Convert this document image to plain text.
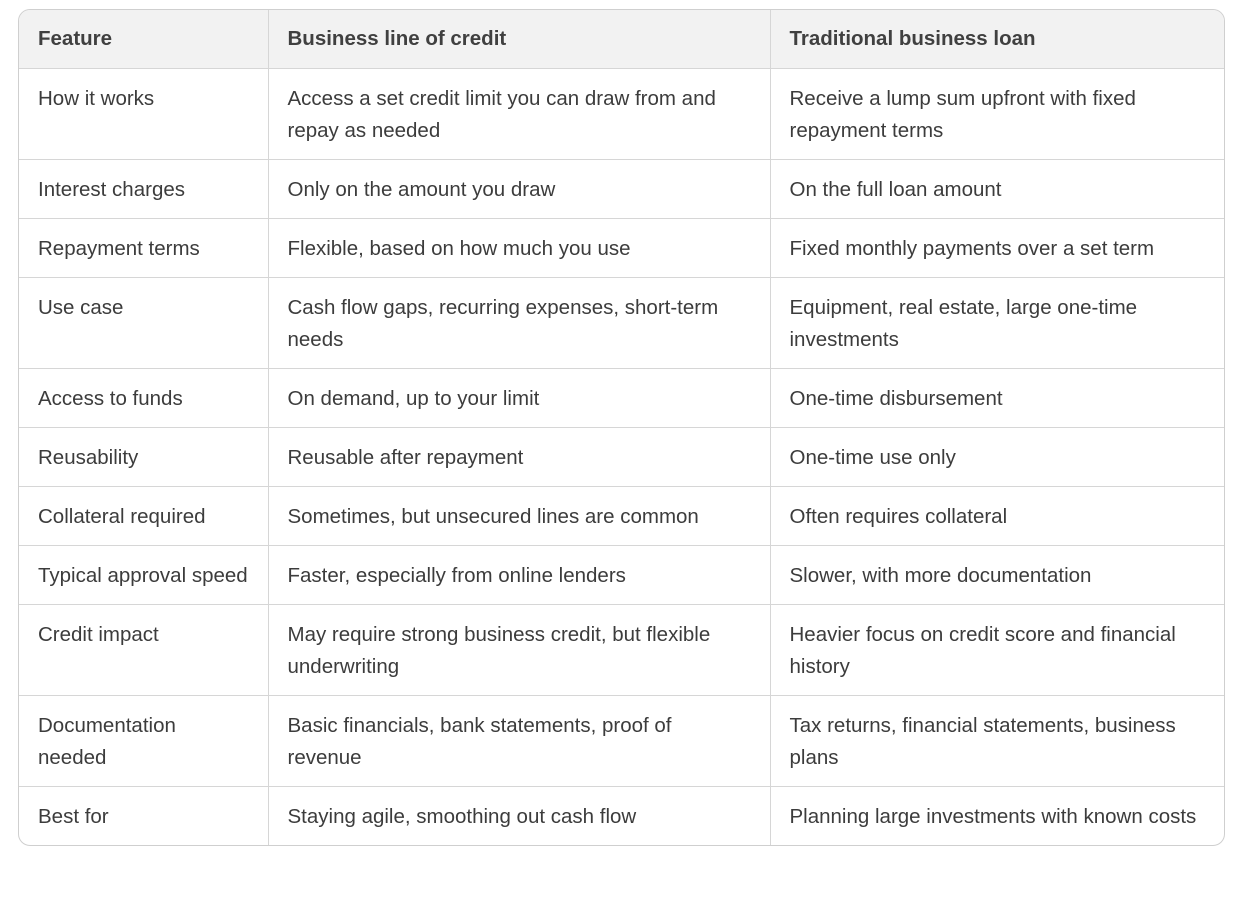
Feature	Business line of credit	Traditional business loan
How it works	Access a set credit limit you can draw from and repay as needed	Receive a lump sum upfront with fixed repayment terms
Interest charges	Only on the amount you draw	On the full loan amount
Repayment terms	Flexible, based on how much you use	Fixed monthly payments over a set term
Use case	Cash flow gaps, recurring expenses, short-term needs	Equipment, real estate, large one-time investments
Access to funds	On demand, up to your limit	One-time disbursement
Reusability	Reusable after repayment	One-time use only
Collateral required	Sometimes, but unsecured lines are common	Often requires collateral
Typical approval speed	Faster, especially from online lenders	Slower, with more documentation
Credit impact	May require strong business credit, but flexible underwriting	Heavier focus on credit score and financial history
Documentation needed	Basic financials, bank statements, proof of revenue	Tax returns, financial statements, business plans
Best for	Staying agile, smoothing out cash flow	Planning large investments with known costs
